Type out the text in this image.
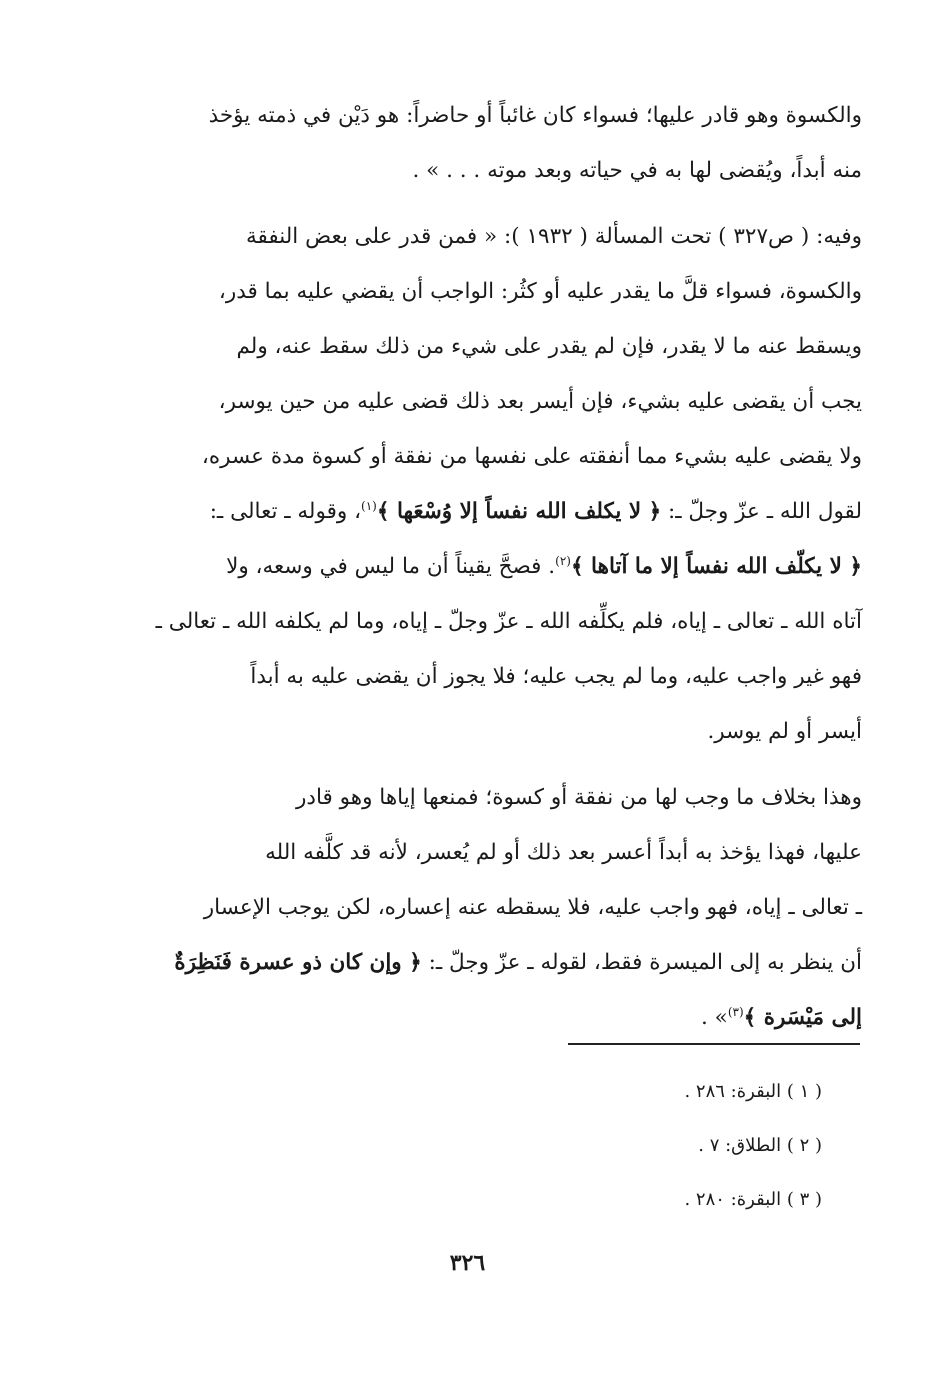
والكسوة وهو قادر عليها؛ فسواء كان غائباً أو حاضراً: هو دَيْن في ذمته يؤخذ
منه أبداً، ويُقضى لها به في حياته وبعد موته . . . » .

وفيه: ( ص٣٢٧ ) تحت المسألة ( ١٩٣٢ ): « فمن قدر على بعض النفقة
والكسوة، فسواء قلَّ ما يقدر عليه أو كثُر: الواجب أن يقضي عليه بما قدر،
ويسقط عنه ما لا يقدر، فإن لم يقدر على شيء من ذلك سقط عنه، ولم
يجب أن يقضى عليه بشيء، فإن أيسر بعد ذلك قضى عليه من حين يوسر،
ولا يقضى عليه بشيء مما أنفقته على نفسها من نفقة أو كسوة مدة عسره،
لقول الله ـ عزّ وجلّ ـ: ﴿ لا يكلف الله نفساً إلا وُسْعَها ﴾$^{(١)}$، وقوله ـ تعالى ـ:
﴿ لا يكلّف الله نفساً إلا ما آتاها ﴾$^{(٢)}$. فصحَّ يقيناً أن ما ليس في وسعه، ولا
آتاه الله ـ تعالى ـ إياه، فلم يكلِّفه الله ـ عزّ وجلّ ـ إياه، وما لم يكلفه الله ـ تعالى ـ
فهو غير واجب عليه، وما لم يجب عليه؛ فلا يجوز أن يقضى عليه به أبداً
أيسر أو لم يوسر.

وهذا بخلاف ما وجب لها من نفقة أو كسوة؛ فمنعها إياها وهو قادر
عليها، فهذا يؤخذ به أبداً أعسر بعد ذلك أو لم يُعسر، لأنه قد كلَّفه الله
ـ تعالى ـ إياه، فهو واجب عليه، فلا يسقطه عنه إعساره، لكن يوجب الإعسار
أن ينظر به إلى الميسرة فقط، لقوله ـ عزّ وجلّ ـ: ﴿ وإن كان ذو عسرة فَنَظِرَةٌ
إلى مَيْسَرة ﴾$^{(٣)}$» .

( ١ ) البقرة: ٢٨٦ .
( ٢ ) الطلاق: ٧ .
( ٣ ) البقرة: ٢٨٠ .
٣٢٦
